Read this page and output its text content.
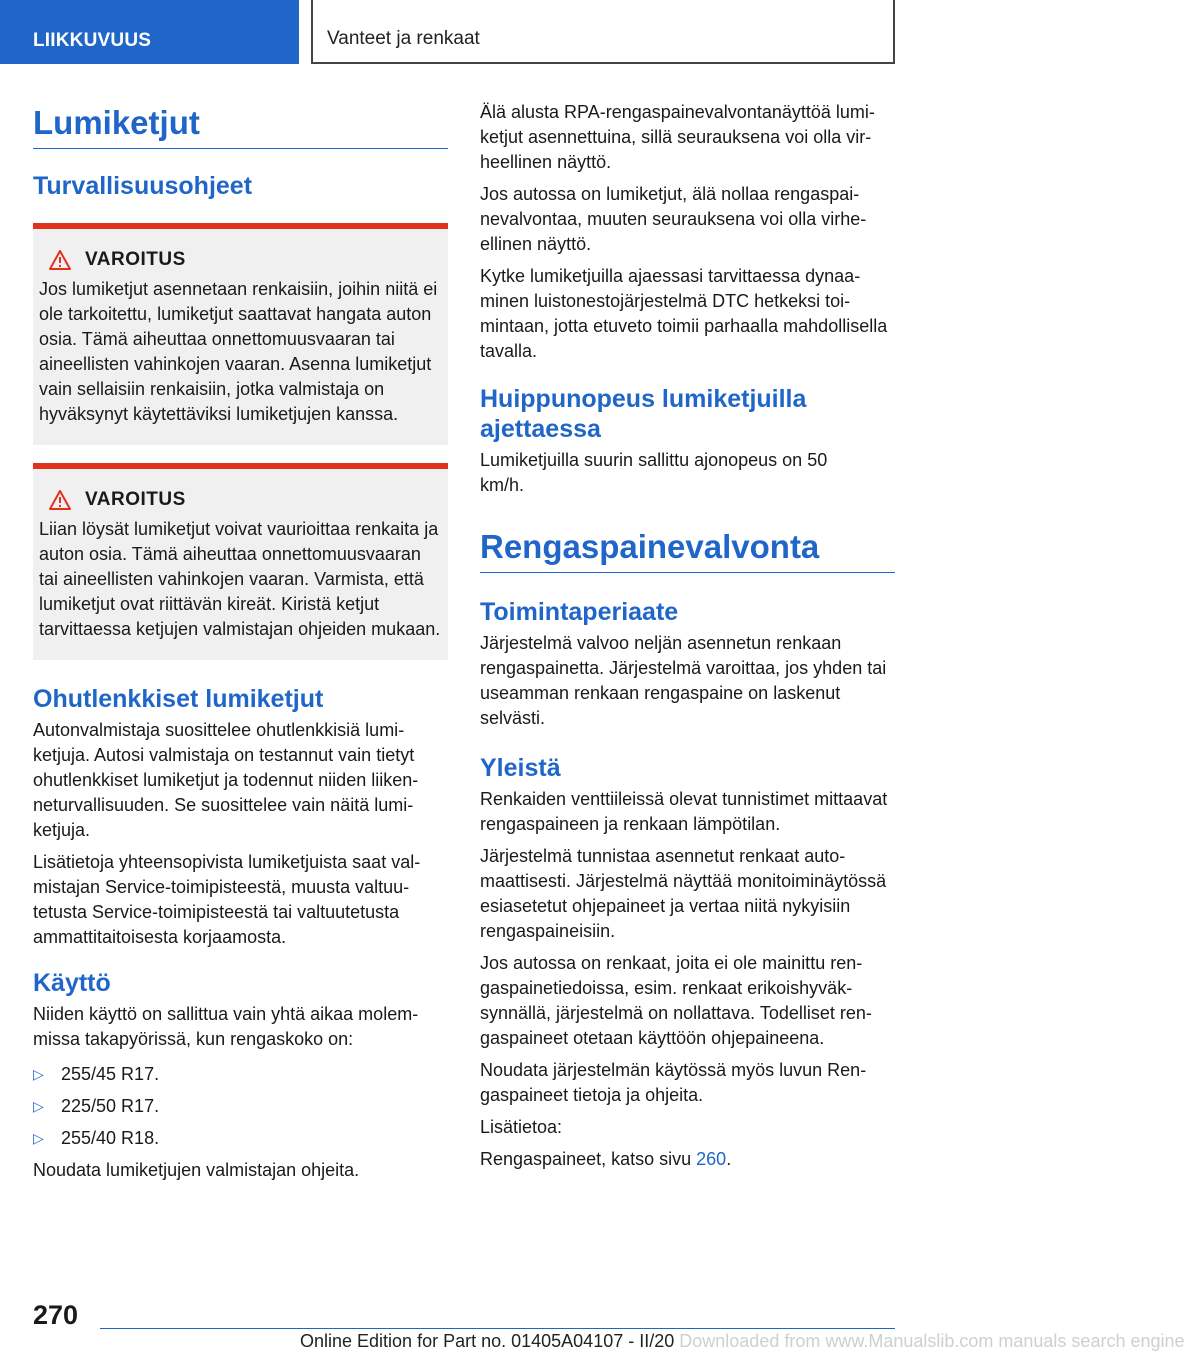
LIIKKUVUUS	Vanteet ja renkaat
Lumiketjut
Turvallisuusohjeet
VAROITUS

Jos lumiketjut asennetaan renkaisiin, joihin niitä ei ole tarkoitettu, lumiketjut saattavat hangata auton osia. Tämä aiheuttaa onnettomuusvaaran tai aineellisten vahinkojen vaaran. Asenna lumiketjut vain sellaisiin renkaisiin, jotka valmistaja on hyväksynyt käytettäviksi lumiketjujen kanssa.

VAROITUS

Liian löysät lumiketjut voivat vaurioittaa renkaita ja auton osia. Tämä aiheuttaa onnettomuusvaaran tai aineellisten vahinkojen vaaran. Varmista, että lumiketjut ovat riittävän kireät. Kiristä ketjut tarvittaessa ketjujen valmistajan ohjeiden mukaan.

Ohutlenkkiset lumiketjut

Autonvalmistaja suosittelee ohutlenkkisiä lumiketjuja. Autosi valmistaja on testannut vain tietyt ohutlenkkiset lumiketjut ja todennut niiden liikenneturvallisuuden. Se suosittelee vain näitä lumiketjuja.

Lisätietoja yhteensopivista lumiketjuista saat valmistajan Service-toimipisteestä, muusta valtuutetusta Service-toimipisteestä tai valtuutetusta ammattitaitoisesta korjaamosta.

Käyttö

Niiden käyttö on sallittua vain yhtä aikaa molemmissa takapyörissä, kun rengaskoko on:

▷ 255/45 R17.
▷ 225/50 R17.
▷ 255/40 R18.

Noudata lumiketjujen valmistajan ohjeita.

Älä alusta RPA-rengaspainevalvontanäyttöä lumiketjut asennettuina, sillä seurauksena voi olla virheellinen näyttö.

Jos autossa on lumiketjut, älä nollaa rengaspainevalvontaa, muuten seurauksena voi olla virheellinen näyttö.

Kytke lumiketjuilla ajaessasi tarvittaessa dynaaminen luistonestojärjestelmä DTC hetkeksi toimintaan, jotta etuveto toimii parhaalla mahdollisella tavalla.

Huippunopeus lumiketjuilla ajettaessa

Lumiketjuilla suurin sallittu ajonopeus on 50 km/h.

Rengaspainevalvonta
Toimintaperiaate

Järjestelmä valvoo neljän asennetun renkaan rengaspainetta. Järjestelmä varoittaa, jos yhden tai useamman renkaan rengaspaine on laskenut selvästi.

Yleistä

Renkaiden venttiileissä olevat tunnistimet mittaavat rengaspaineen ja renkaan lämpötilan.

Järjestelmä tunnistaa asennetut renkaat automaattisesti. Järjestelmä näyttää monitoiminäytössä esiasetetut ohjepaineet ja vertaa niitä nykyisiin rengaspaineisiin.

Jos autossa on renkaat, joita ei ole mainittu rengaspainetiedoissa, esim. renkaat erikoishyväksynnällä, järjestelmä on nollattava. Todelliset rengaspaineet otetaan käyttöön ohjepaineena.

Noudata järjestelmän käytössä myös luvun Rengaspaineet tietoja ja ohjeita.

Lisätietoa:

Rengaspaineet, katso sivu 260.

270
Online Edition for Part no. 01405A04107 - II/20 Downloaded from www.Manualslib.com manuals search engine
